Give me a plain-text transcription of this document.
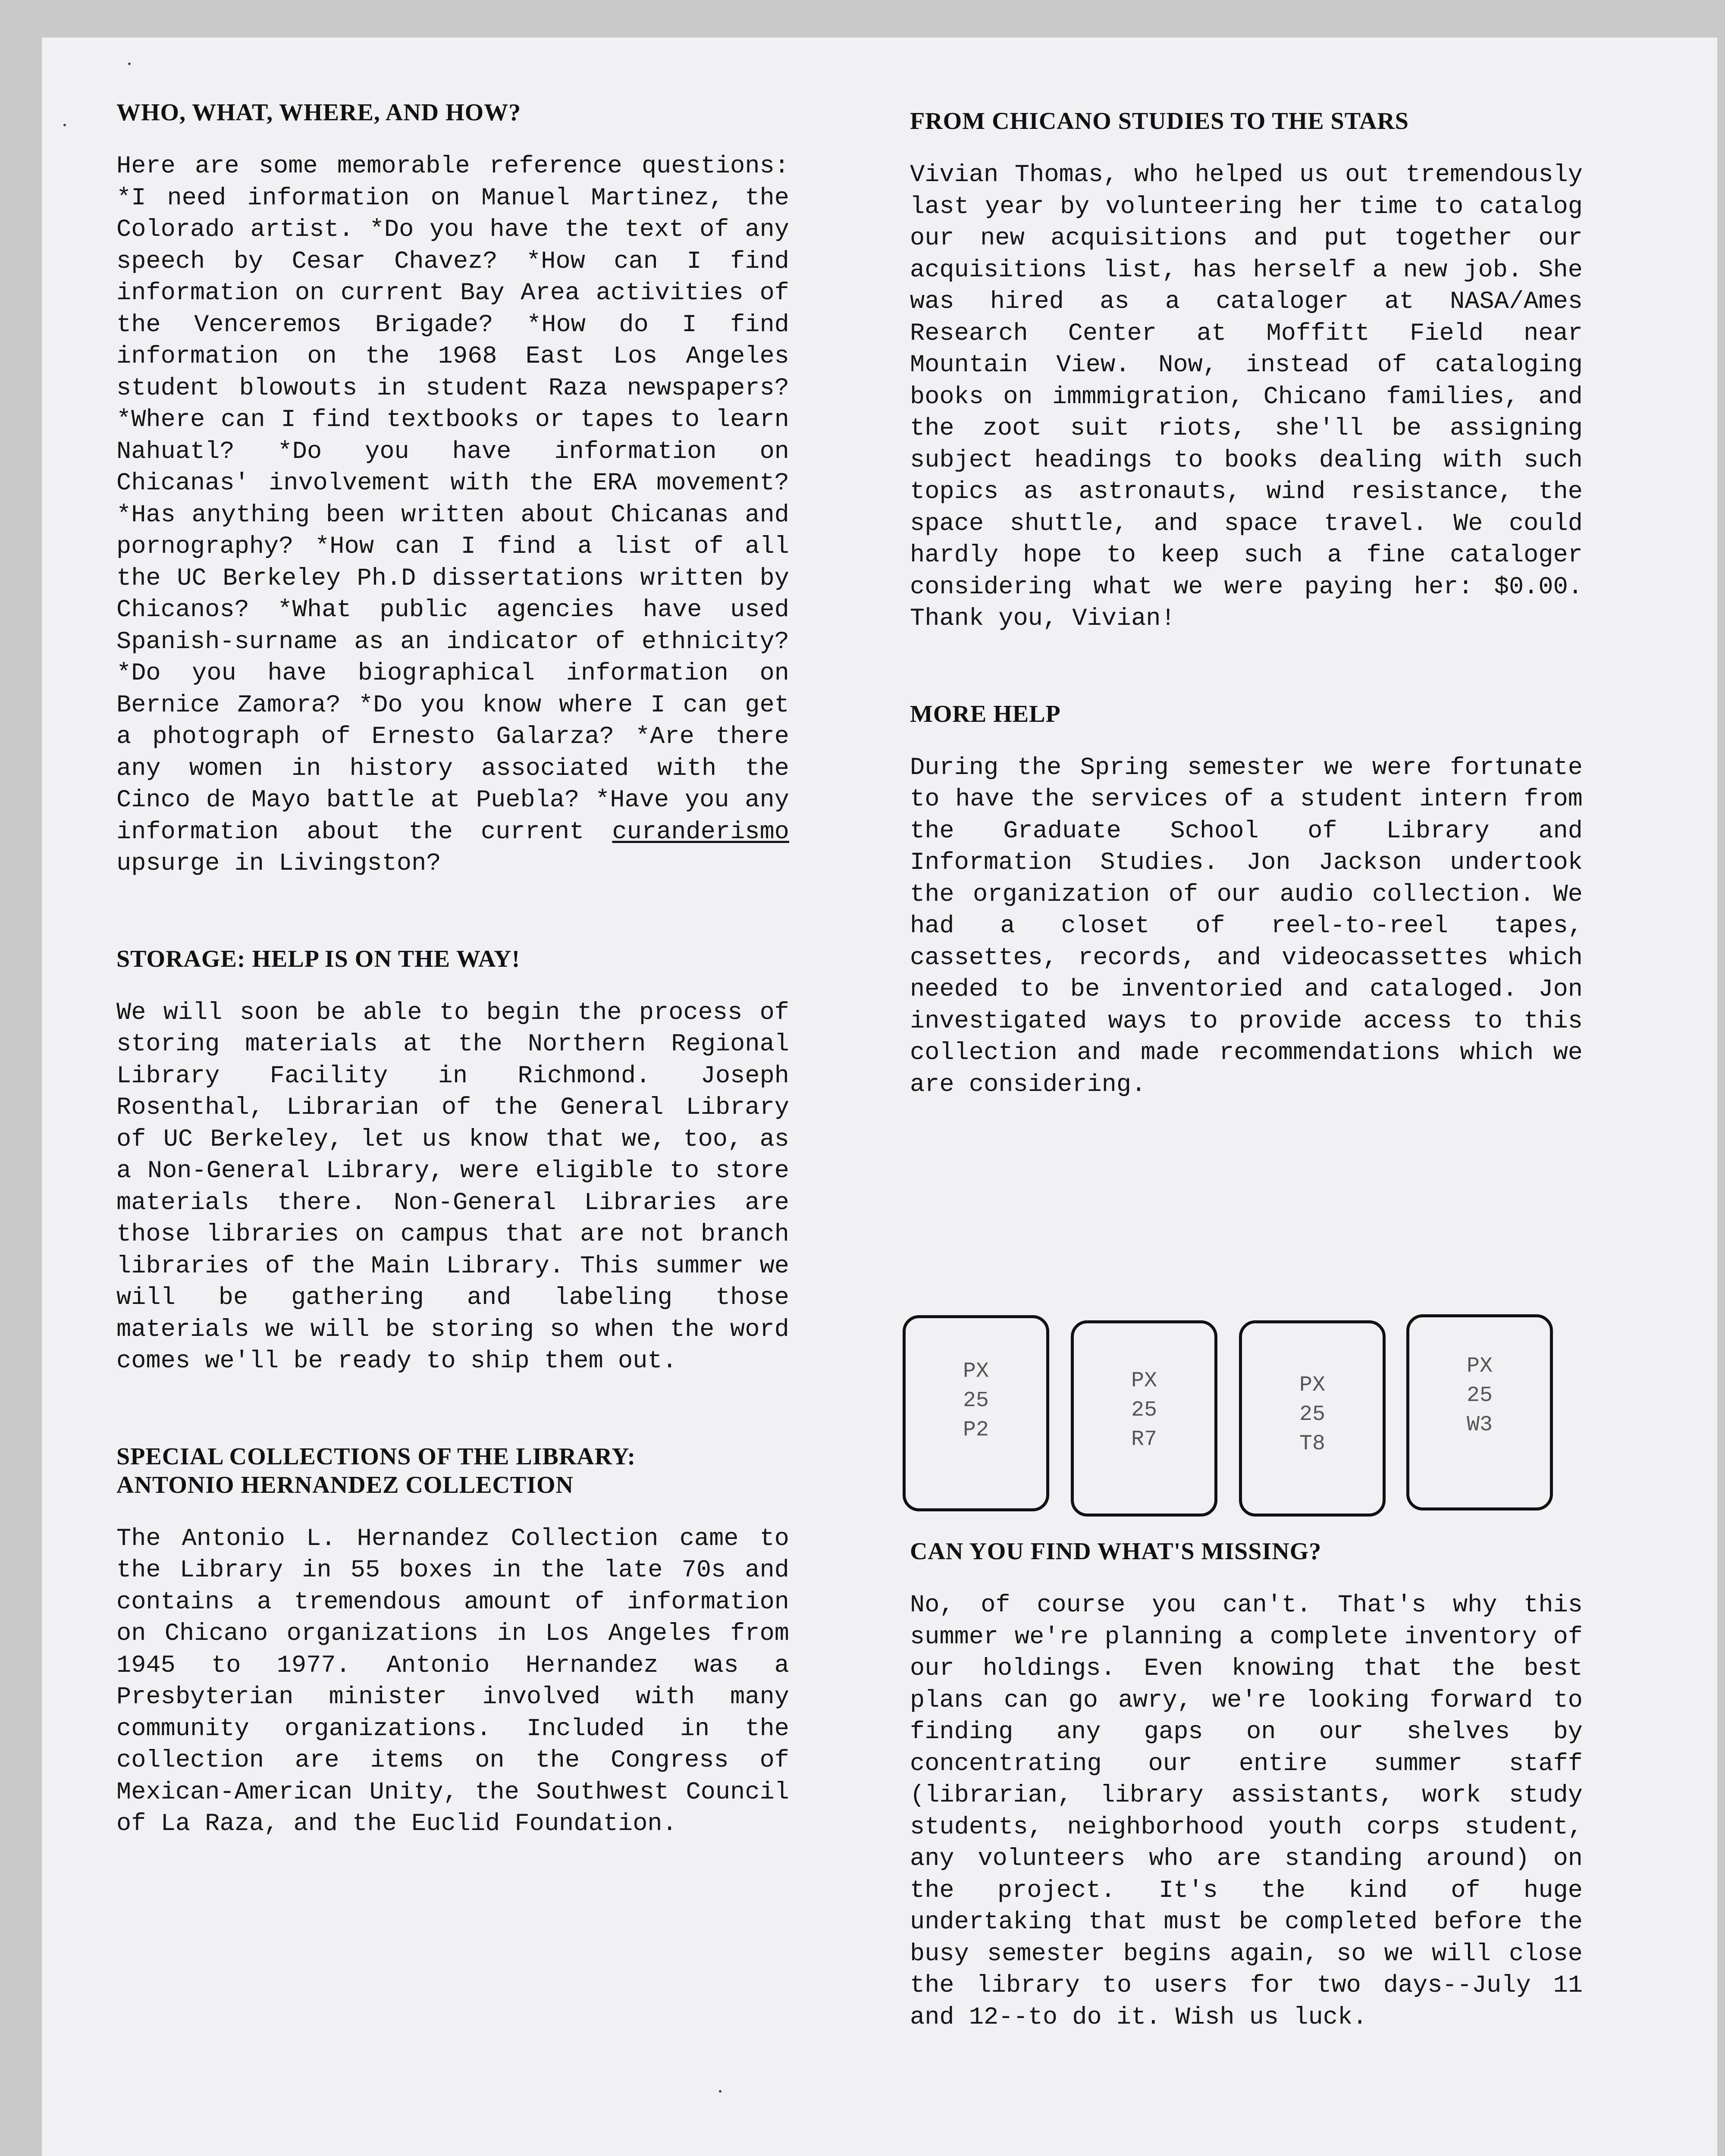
WHO, WHAT, WHERE, AND HOW?

Here are some memorable reference questions: *I need information on Manuel Martinez, the Colorado artist. *Do you have the text of any speech by Cesar Chavez? *How can I find information on current Bay Area activities of the Venceremos Brigade? *How do I find information on the 1968 East Los Angeles student blowouts in student Raza newspapers? *Where can I find textbooks or tapes to learn Nahuatl? *Do you have information on Chicanas' involvement with the ERA movement? *Has anything been written about Chicanas and pornography? *How can I find a list of all the UC Berkeley Ph.D dissertations written by Chicanos? *What public agencies have used Spanish-surname as an indicator of ethnicity? *Do you have biographical information on Bernice Zamora? *Do you know where I can get a photograph of Ernesto Galarza? *Are there any women in history associated with the Cinco de Mayo battle at Puebla? *Have you any information about the current curanderismo upsurge in Livingston?

STORAGE: HELP IS ON THE WAY!

We will soon be able to begin the process of storing materials at the Northern Regional Library Facility in Richmond. Joseph Rosenthal, Librarian of the General Library of UC Berkeley, let us know that we, too, as a Non-General Library, were eligible to store materials there. Non-General Libraries are those libraries on campus that are not branch libraries of the Main Library. This summer we will be gathering and labeling those materials we will be storing so when the word comes we'll be ready to ship them out.

SPECIAL COLLECTIONS OF THE LIBRARY:
ANTONIO HERNANDEZ COLLECTION

The Antonio L. Hernandez Collection came to the Library in 55 boxes in the late 70s and contains a tremendous amount of information on Chicano organizations in Los Angeles from 1945 to 1977. Antonio Hernandez was a Presbyterian minister involved with many community organizations. Included in the collection are items on the Congress of Mexican-American Unity, the Southwest Council of La Raza, and the Euclid Foundation.

FROM CHICANO STUDIES TO THE STARS

Vivian Thomas, who helped us out tremendously last year by volunteering her time to catalog our new acquisitions and put together our acquisitions list, has herself a new job. She was hired as a cataloger at NASA/Ames Research Center at Moffitt Field near Mountain View. Now, instead of cataloging books on immmigration, Chicano families, and the zoot suit riots, she'll be assigning subject headings to books dealing with such topics as astronauts, wind resistance, the space shuttle, and space travel. We could hardly hope to keep such a fine cataloger considering what we were paying her: $0.00. Thank you, Vivian!

MORE HELP

During the Spring semester we were fortunate to have the services of a student intern from the Graduate School of Library and Information Studies. Jon Jackson undertook the organization of our audio collection. We had a closet of reel-to-reel tapes, cassettes, records, and videocassettes which needed to be inventoried and cataloged. Jon investigated ways to provide access to this collection and made recommendations which we are considering.

PX
25
P2
PX
25
R7
PX
25
T8
PX
25
W3
CAN YOU FIND WHAT'S MISSING?

No, of course you can't. That's why this summer we're planning a complete inventory of our holdings. Even knowing that the best plans can go awry, we're looking forward to finding any gaps on our shelves by concentrating our entire summer staff (librarian, library assistants, work study students, neighborhood youth corps student, any volunteers who are standing around) on the project. It's the kind of huge undertaking that must be completed before the busy semester begins again, so we will close the library to users for two days--July 11 and 12--to do it. Wish us luck.
